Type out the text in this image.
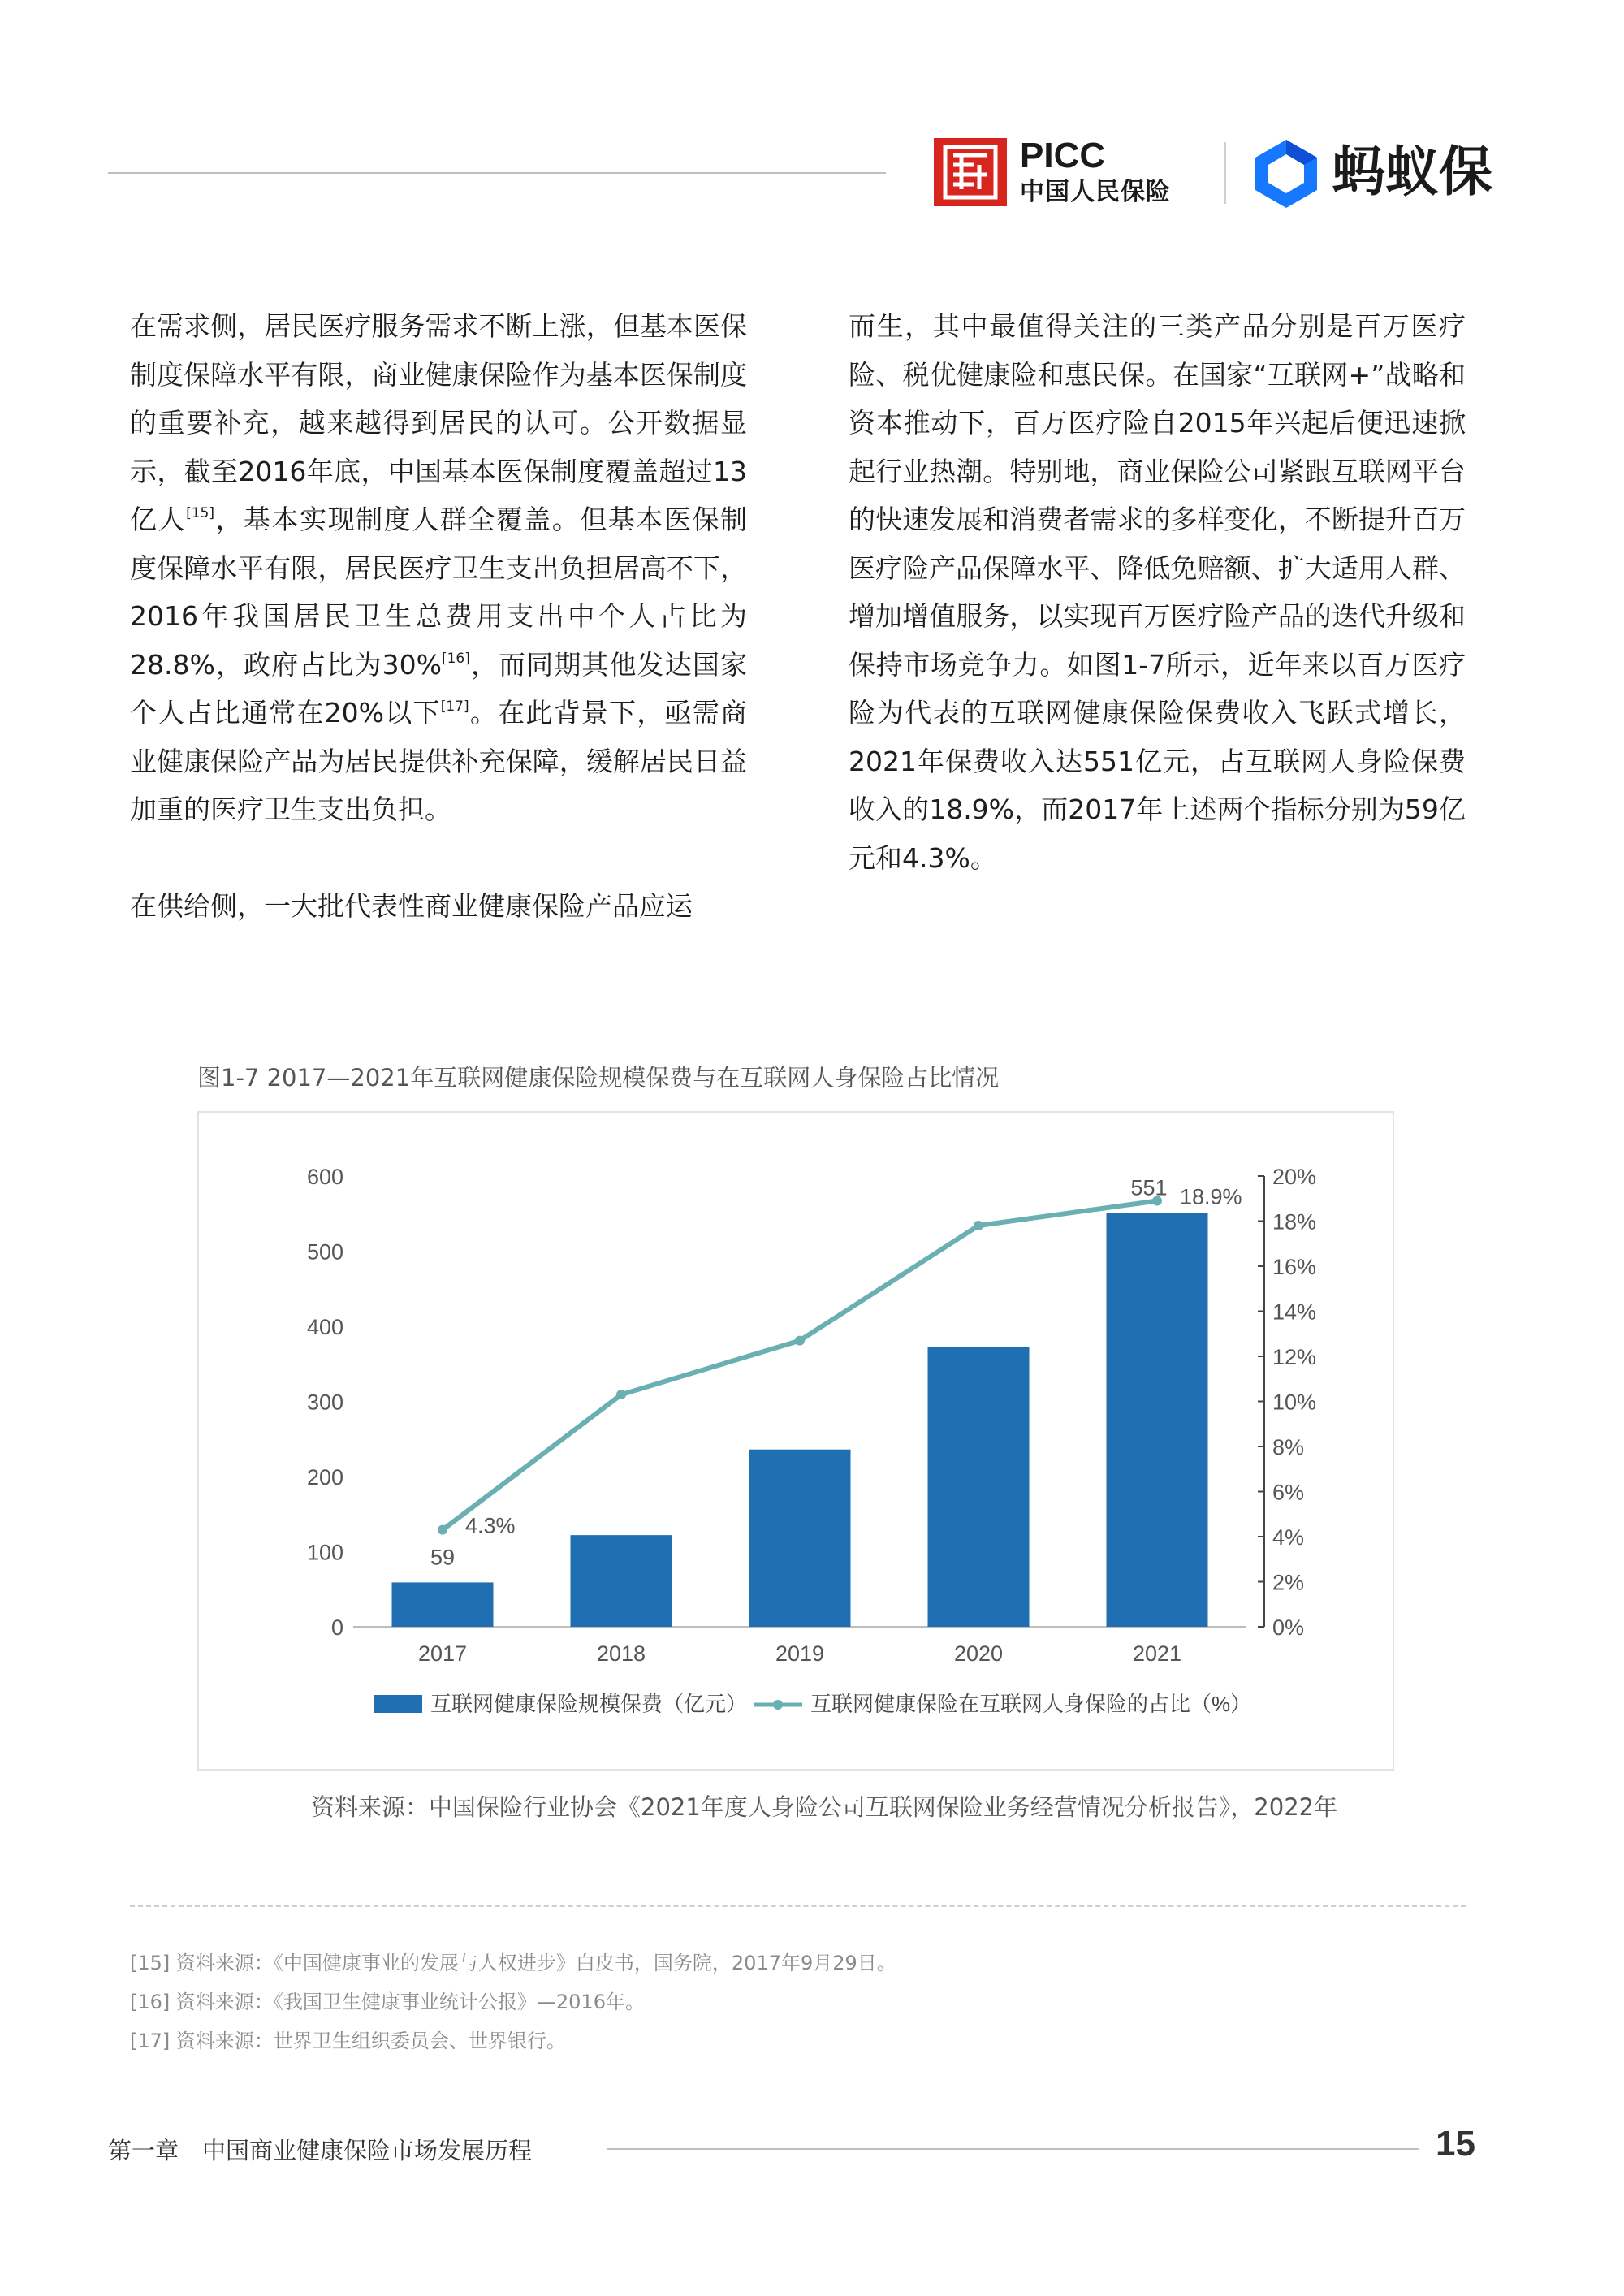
PICC
中国人民保险	蚂蚁保

在需求侧，居民医疗服务需求不断上涨，但基本医保制度保障水平有限，商业健康保险作为基本医保制度的重要补充，越来越得到居民的认可。公开数据显示，截至2016年底，中国基本医保制度覆盖超过13亿人[15]，基本实现制度人群全覆盖。但基本医保制度保障水平有限，居民医疗卫生支出负担居高不下，2016年我国居民卫生总费用支出中个人占比为28.8%，政府占比为30%[16]，而同期其他发达国家个人占比通常在20%以下[17]。在此背景下，亟需商业健康保险产品为居民提供补充保障，缓解居民日益加重的医疗卫生支出负担。

在供给侧，一大批代表性商业健康保险产品应运

而生，其中最值得关注的三类产品分别是百万医疗险、税优健康险和惠民保。在国家“互联网+”战略和资本推动下，百万医疗险自2015年兴起后便迅速掀起行业热潮。特别地，商业保险公司紧跟互联网平台的快速发展和消费者需求的多样变化，不断提升百万医疗险产品保障水平、降低免赔额、扩大适用人群、增加增值服务，以实现百万医疗险产品的迭代升级和保持市场竞争力。如图1-7所示，近年来以百万医疗险为代表的互联网健康保险保费收入飞跃式增长，2021年保费收入达551亿元，占互联网人身险保费收入的18.9%，而2017年上述两个指标分别为59亿元和4.3%。

图1-7 2017—2021年互联网健康保险规模保费与在互联网人身保险占比情况
0
100
200
300
400
500
600
0%
2%
4%
6%
8%
10%
12%
14%
16%
18%
20%
2017	2018	2019	2020	2021
4.3%
59
551 18.9%
互联网健康保险规模保费（亿元）	互联网健康保险在互联网人身保险的占比（%）
资料来源：中国保险行业协会《2021年度人身险公司互联网保险业务经营情况分析报告》，2022年
[15] 资料来源：《中国健康事业的发展与人权进步》白皮书，国务院，2017年9月29日。
[16] 资料来源：《我国卫生健康事业统计公报》—2016年。
[17] 资料来源：世界卫生组织委员会、世界银行。
第一章　中国商业健康保险市场发展历程	15
